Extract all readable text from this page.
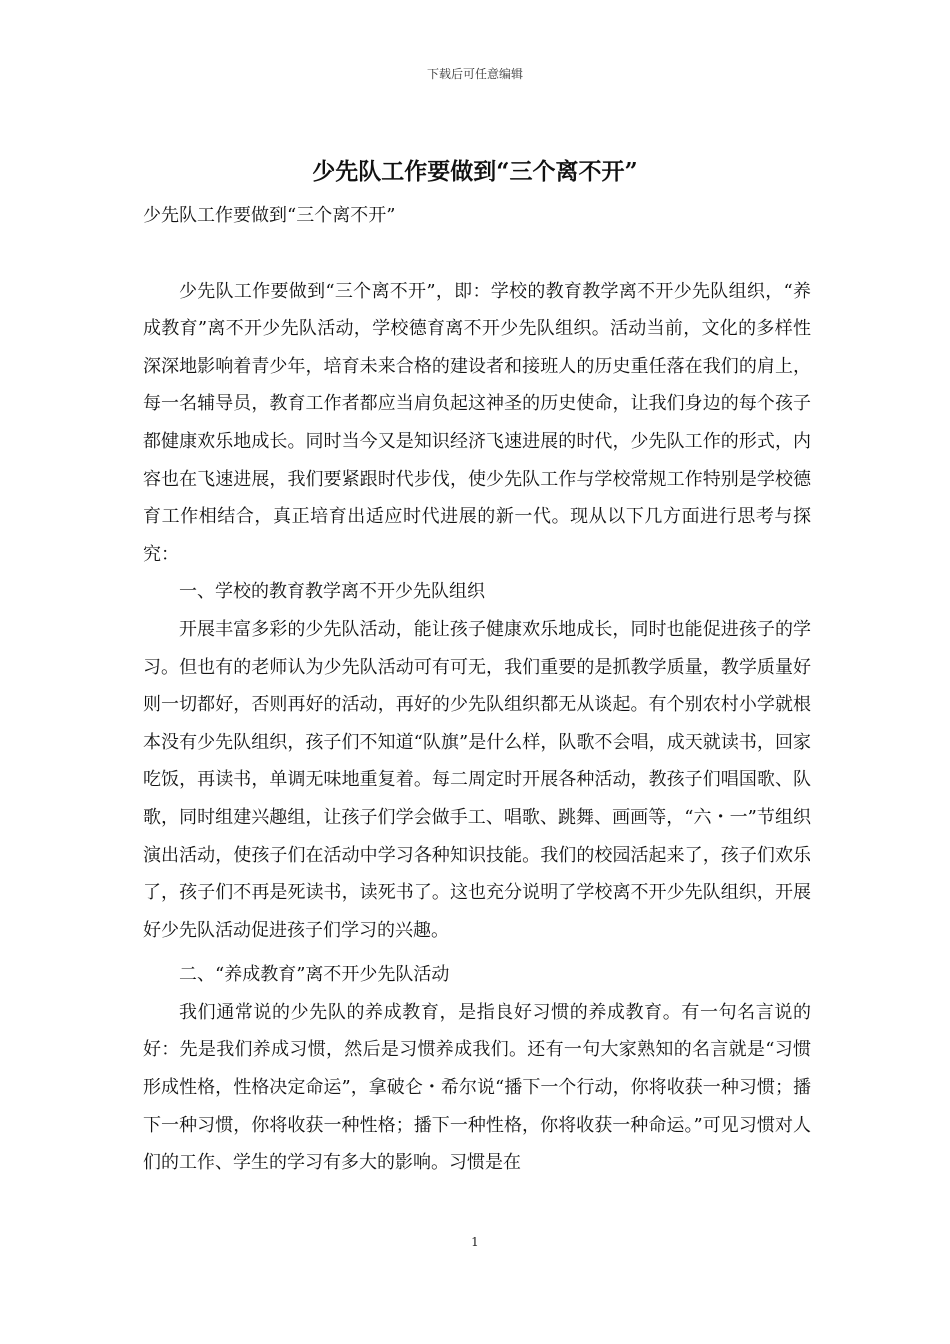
下载后可任意编辑
少先队工作要做到“三个离不开”

少先队工作要做到“三个离不开”

少先队工作要做到“三个离不开”，即：学校的教育教学离不开少先队组织，“养成教育”离不开少先队活动，学校德育离不开少先队组织。活动当前，文化的多样性深深地影响着青少年，培育未来合格的建设者和接班人的历史重任落在我们的肩上，每一名辅导员，教育工作者都应当肩负起这神圣的历史使命，让我们身边的每个孩子都健康欢乐地成长。同时当今又是知识经济飞速进展的时代，少先队工作的形式，内容也在飞速进展，我们要紧跟时代步伐，使少先队工作与学校常规工作特别是学校德育工作相结合，真正培育出适应时代进展的新一代。现从以下几方面进行思考与探究：

一、学校的教育教学离不开少先队组织

开展丰富多彩的少先队活动，能让孩子健康欢乐地成长，同时也能促进孩子的学习。但也有的老师认为少先队活动可有可无，我们重要的是抓教学质量，教学质量好则一切都好，否则再好的活动，再好的少先队组织都无从谈起。有个别农村小学就根本没有少先队组织，孩子们不知道“队旗”是什么样，队歌不会唱，成天就读书，回家吃饭，再读书，单调无味地重复着。每二周定时开展各种活动，教孩子们唱国歌、队歌，同时组建兴趣组，让孩子们学会做手工、唱歌、跳舞、画画等，“六・一”节组织演出活动，使孩子们在活动中学习各种知识技能。我们的校园活起来了，孩子们欢乐了，孩子们不再是死读书，读死书了。这也充分说明了学校离不开少先队组织，开展好少先队活动促进孩子们学习的兴趣。

二、“养成教育”离不开少先队活动

我们通常说的少先队的养成教育，是指良好习惯的养成教育。有一句名言说的好：先是我们养成习惯，然后是习惯养成我们。还有一句大家熟知的名言就是“习惯形成性格，性格决定命运”，拿破仑・希尔说“播下一个行动，你将收获一种习惯；播下一种习惯，你将收获一种性格；播下一种性格，你将收获一种命运。”可见习惯对人们的工作、学生的学习有多大的影响。习惯是在

1
